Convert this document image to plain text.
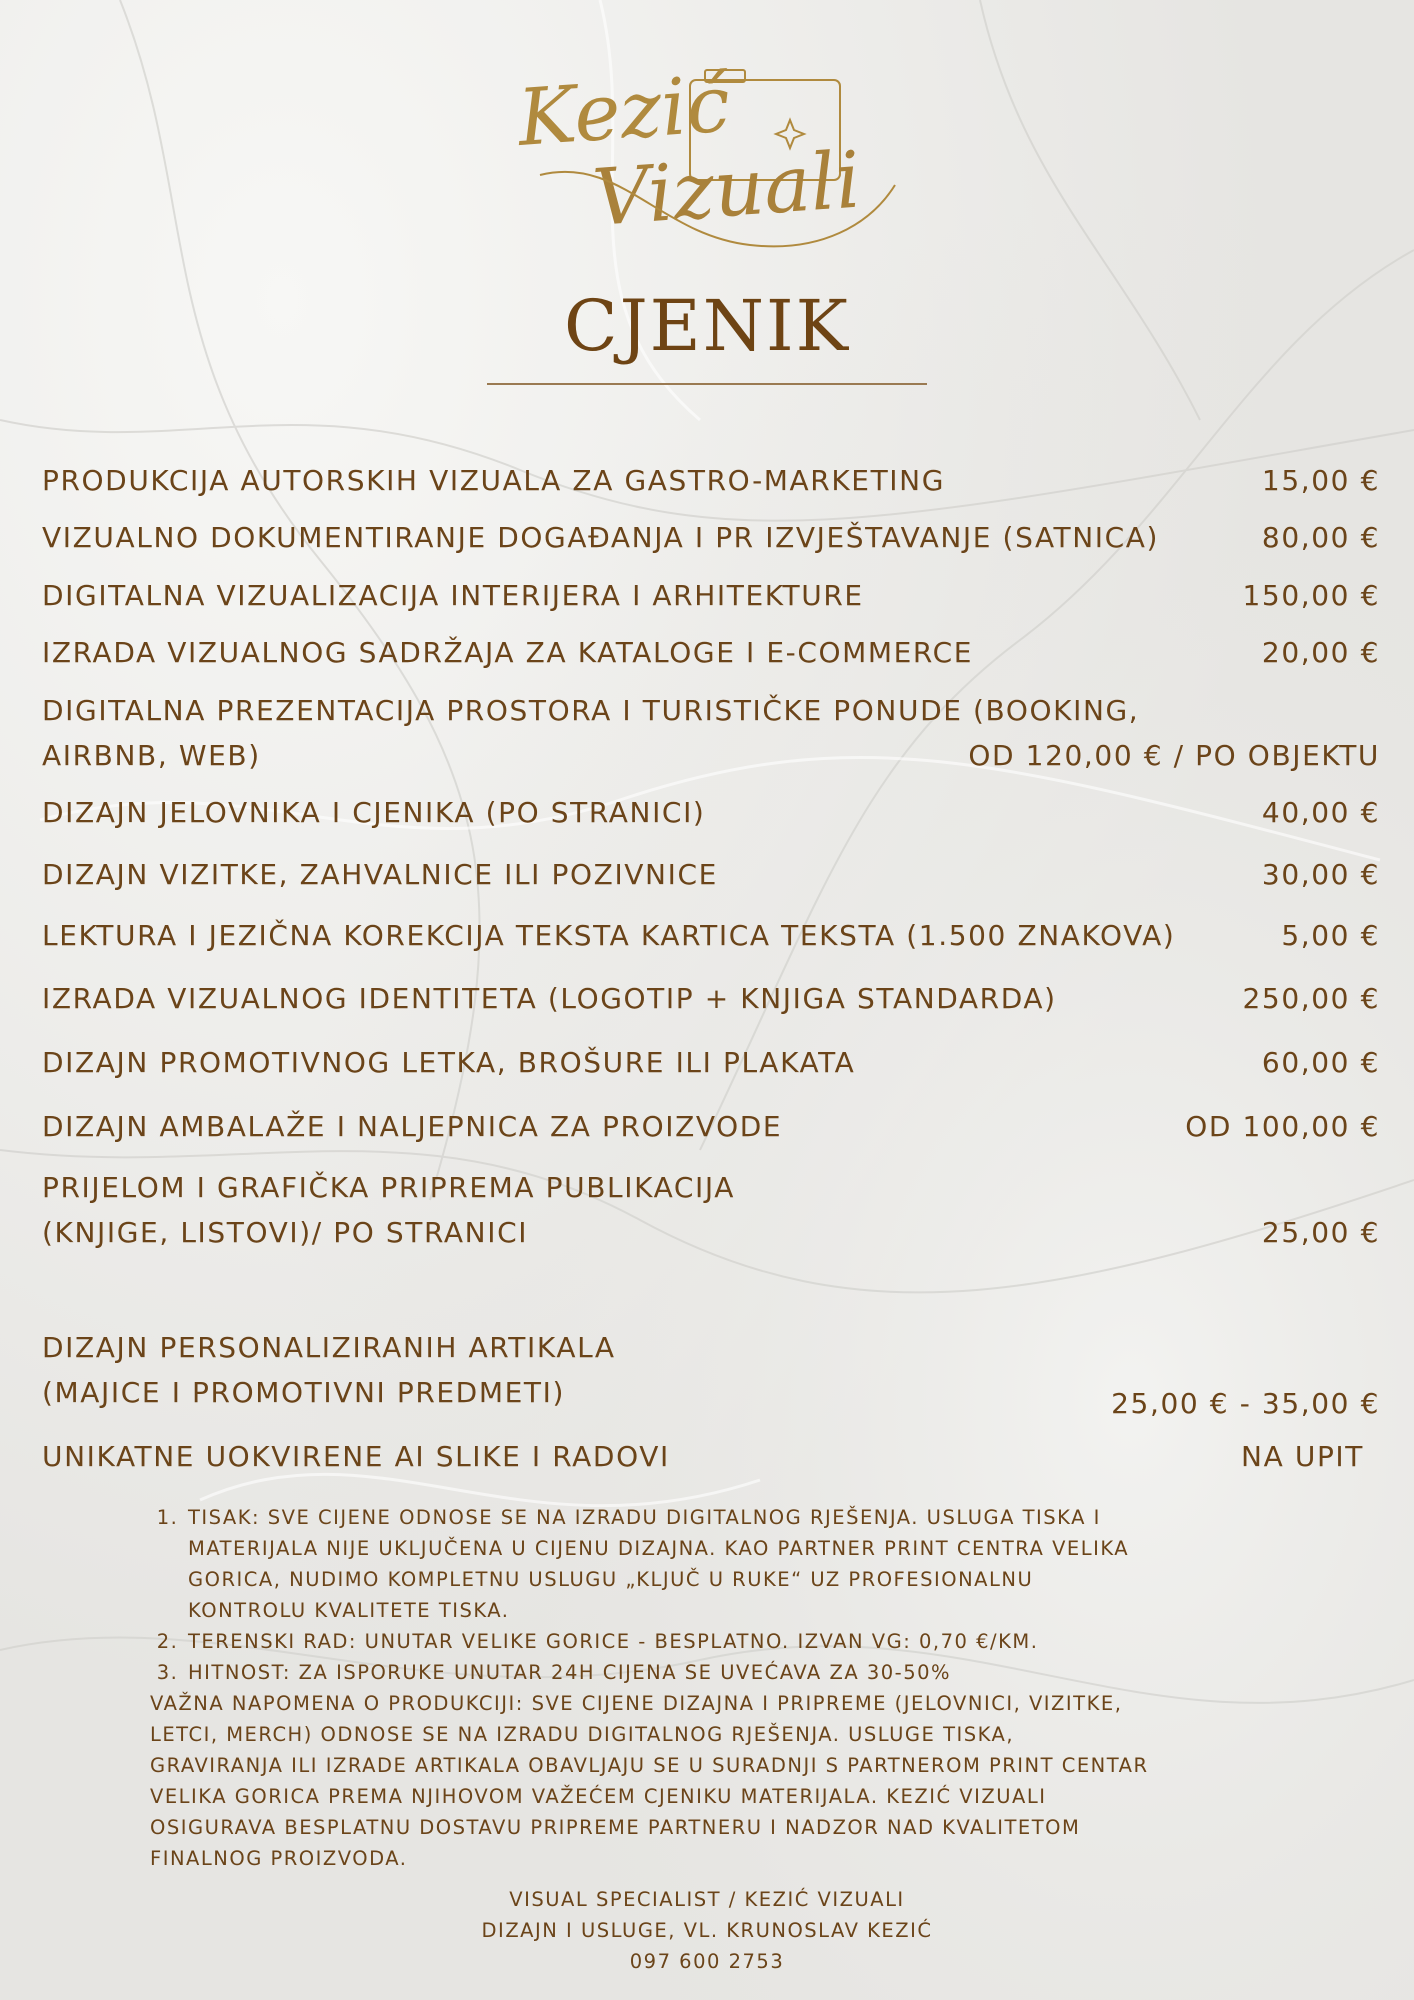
Kezić
Vizuali
CJENIK
PRODUKCIJA AUTORSKIH VIZUALA ZA GASTRO-MARKETING	15,00 €
VIZUALNO DOKUMENTIRANJE DOGAĐANJA I PR IZVJEŠTAVANJE (SATNICA)	80,00 €
DIGITALNA VIZUALIZACIJA INTERIJERA I ARHITEKTURE	150,00 €
IZRADA VIZUALNOG SADRŽAJA ZA KATALOGE I E-COMMERCE	20,00 €
DIGITALNA PREZENTACIJA PROSTORA I TURISTIČKE PONUDE (BOOKING, AIRBNB, WEB)	OD 120,00 € / PO OBJEKTU
DIZAJN JELOVNIKA I CJENIKA (PO STRANICI)	40,00 €
DIZAJN VIZITKE, ZAHVALNICE ILI POZIVNICE	30,00 €
LEKTURA I JEZIČNA KOREKCIJA TEKSTA KARTICA TEKSTA (1.500 ZNAKOVA)	5,00 €
IZRADA VIZUALNOG IDENTITETA (LOGOTIP + KNJIGA STANDARDA)	250,00 €
DIZAJN PROMOTIVNOG LETKA, BROŠURE ILI PLAKATA	60,00 €
DIZAJN AMBALAŽE I NALJEPNICA ZA PROIZVODE	OD 100,00 €
PRIJELOM I GRAFIČKA PRIPREMA PUBLIKACIJA (KNJIGE, LISTOVI)/ PO STRANICI	25,00 €
DIZAJN PERSONALIZIRANIH ARTIKALA (MAJICE I PROMOTIVNI PREDMETI)	25,00 € - 35,00 €
UNIKATNE UOKVIRENE AI SLIKE I RADOVI	NA UPIT
1. TISAK: SVE CIJENE ODNOSE SE NA IZRADU DIGITALNOG RJEŠENJA. USLUGA TISKA I MATERIJALA NIJE UKLJUČENA U CIJENU DIZAJNA. KAO PARTNER PRINT CENTRA VELIKA GORICA, NUDIMO KOMPLETNU USLUGU „KLJUČ U RUKE“ UZ PROFESIONALNU KONTROLU KVALITETE TISKA.
2. TERENSKI RAD: UNUTAR VELIKE GORICE - BESPLATNO. IZVAN VG: 0,70 €/KM.
3. HITNOST: ZA ISPORUKE UNUTAR 24H CIJENA SE UVEĆAVA ZA 30-50%

VAŽNA NAPOMENA O PRODUKCIJI: SVE CIJENE DIZAJNA I PRIPREME (JELOVNICI, VIZITKE, LETCI, MERCH) ODNOSE SE NA IZRADU DIGITALNOG RJEŠENJA. USLUGE TISKA, GRAVIRANJA ILI IZRADE ARTIKALA OBAVLJAJU SE U SURADNJI S PARTNEROM PRINT CENTAR VELIKA GORICA PREMA NJIHOVOM VAŽEĆEM CJENIKU MATERIJALA. KEZIĆ VIZUALI OSIGURAVA BESPLATNU DOSTAVU PRIPREME PARTNERU I NADZOR NAD KVALITETOM FINALNOG PROIZVODA.

VISUAL SPECIALIST / KEZIĆ VIZUALI
DIZAJN I USLUGE, VL. KRUNOSLAV KEZIĆ
097 600 2753
